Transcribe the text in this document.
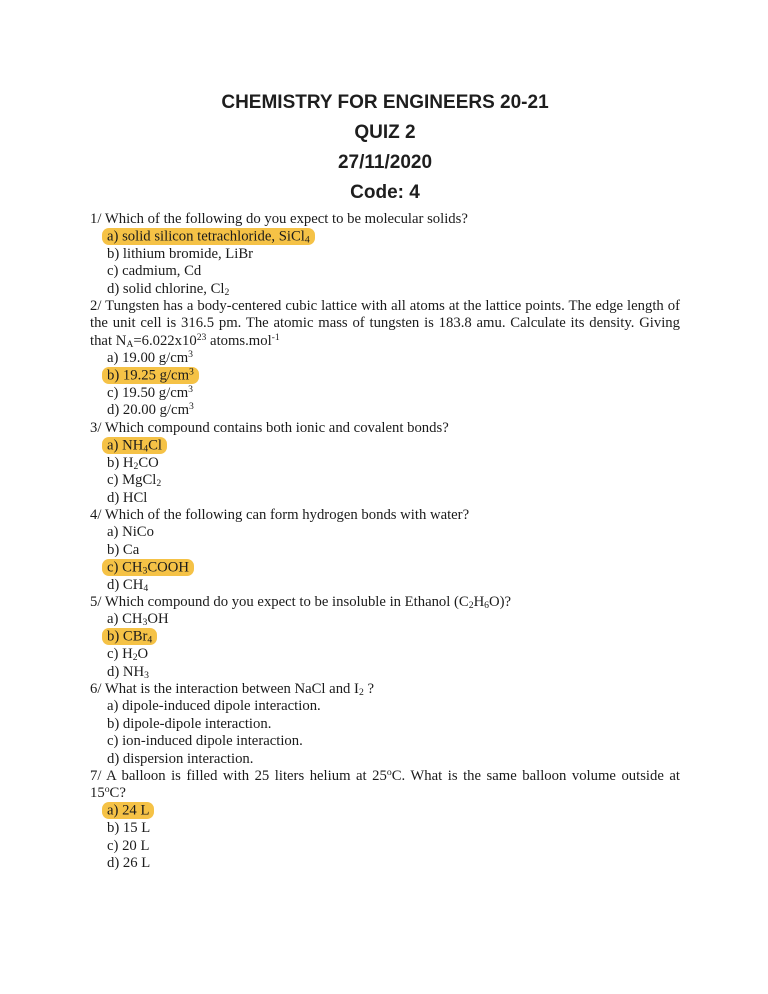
CHEMISTRY FOR ENGINEERS 20-21

QUIZ 2

27/11/2020

Code: 4

1/ Which of the following do you expect to be molecular solids?

a) solid silicon tetrachloride, SiCl$_4$

b) lithium bromide, LiBr

c) cadmium, Cd

d) solid chlorine, $Cl_2$

2/ Tungsten has a body-centered cubic lattice with all atoms at the lattice points. The edge length of the unit cell is 316.5 pm. The atomic mass of tungsten is 183.8 amu. Calculate its density. Giving that $N_A=6.022x10^{23}$ atoms.mol$^{-1}$

a) 19.00 $g/cm^3$

b) 19.25 $g/cm^3$

c) 19.50 $g/cm^3$

d) 20.00 $g/cm^3$

3/ Which compound contains both ionic and covalent bonds?

a) $NH_4Cl$

b) $H_2CO$

c) MgCl$_2$

d) HCl

4/ Which of the following can form hydrogen bonds with water?

a) NiCo

b) Ca

c) $CH_3COOH$

d) $CH_4$

5/ Which compound do you expect to be insoluble in Ethanol $(C_2H_6O)$?

a) $CH_3OH$

b) CBr$_4$

c) $H_2O$

d) $NH_3$

6/ What is the interaction between NaCl and $I_2$ ?

a) dipole-induced dipole interaction.

b) dipole-dipole interaction.

c) ion-induced dipole interaction.

d) dispersion interaction.

7/ A balloon is filled with 25 liters helium at 25$^o$C. What is the same balloon volume outside at 15$^o$C?

a) 24 L

b) 15 L

c) 20 L

d) 26 L
